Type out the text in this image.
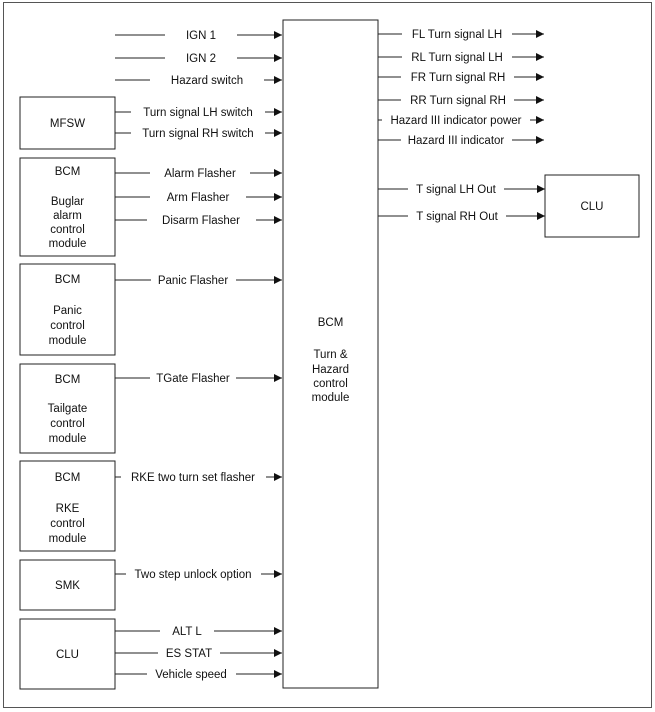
BCM
Turn &
Hazard
control
module
MFSW
BCM
Buglar
alarm
control
module
BCM
Panic
control
module
BCM
Tailgate
control
module
BCM
RKE
control
module
SMK
CLU
CLU
IGN 1
IGN 2
Hazard switch
Turn signal LH switch
Turn signal RH switch
Alarm Flasher
Arm Flasher
Disarm Flasher
Panic Flasher
TGate Flasher
RKE two turn set flasher
Two step unlock option
ALT L
ES STAT
Vehicle speed
FL Turn signal LH
RL Turn signal LH
FR Turn signal RH
RR Turn signal RH
Hazard III indicator power
Hazard III indicator
T signal LH Out
T signal RH Out
